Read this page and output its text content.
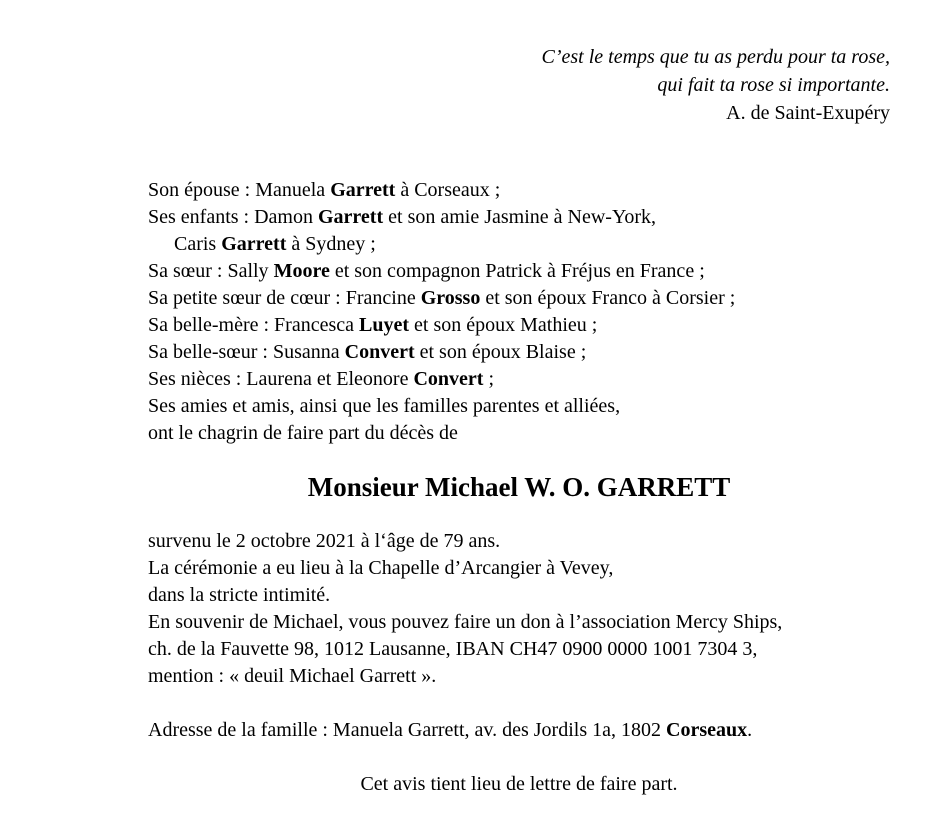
C’est le temps que tu as perdu pour ta rose,
qui fait ta rose si importante.
A. de Saint-Exupéry
Son épouse : Manuela Garrett à Corseaux ;
Ses enfants : Damon Garrett et son amie Jasmine à New-York,
Caris Garrett à Sydney ;
Sa sœur : Sally Moore et son compagnon Patrick à Fréjus en France ;
Sa petite sœur de cœur : Francine Grosso et son époux Franco à Corsier ;
Sa belle-mère : Francesca Luyet et son époux Mathieu ;
Sa belle-sœur : Susanna Convert et son époux Blaise ;
Ses nièces : Laurena et Eleonore Convert ;
Ses amies et amis, ainsi que les familles parentes et alliées,
ont le chagrin de faire part du décès de
Monsieur Michael W. O. GARRETT
survenu le 2 octobre 2021 à l‘âge de 79 ans.
La cérémonie a eu lieu à la Chapelle d’Arcangier à Vevey,
dans la stricte intimité.
En souvenir de Michael, vous pouvez faire un don à l’association Mercy Ships,
ch. de la Fauvette 98, 1012 Lausanne, IBAN CH47 0900 0000 1001 7304 3,
mention : « deuil Michael Garrett ».
Adresse de la famille : Manuela Garrett, av. des Jordils 1a, 1802 Corseaux.
Cet avis tient lieu de lettre de faire part.
